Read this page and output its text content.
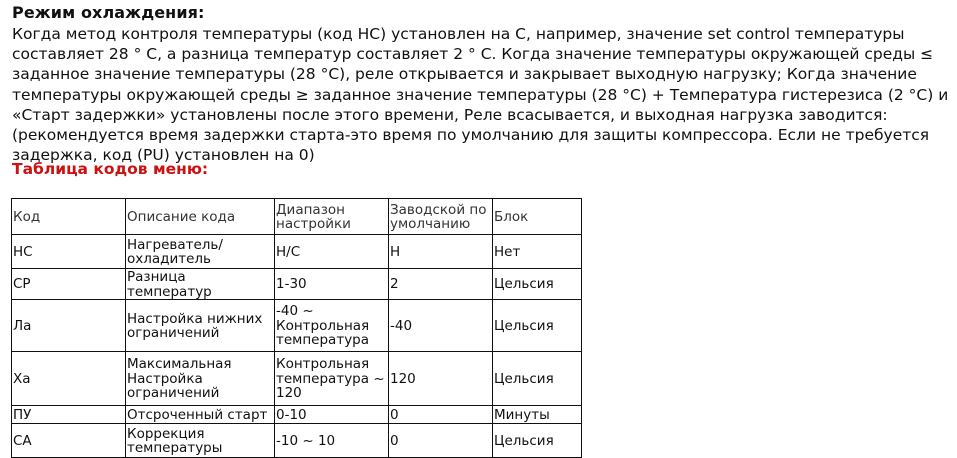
Режим охлаждения:
Когда метод контроля температуры (код НС) установлен на С, например, значение set control температуры составляет 28 ° С, а разница температур составляет 2 ° С. Когда значение температуры окружающей среды ≤ заданное значение температуры (28 °C), реле открывается и закрывает выходную нагрузку; Когда значение температуры окружающей среды ≥ заданное значение температуры (28 °C) + Температура гистерезиса (2 °C) и «Старт задержки» установлены после этого времени, Реле всасывается, и выходная нагрузка заводится: (рекомендуется время задержки старта-это время по умолчанию для защиты компрессора. Если не требуется задержка, код (PU) установлен на 0)
Таблица кодов меню:
Код	Описание кода	Диапазон настройки	Заводской по умолчанию	Блок
НС	Нагреватель/ охладитель	Н/С	Н	Нет
СР	Разница температур	1-30	2	Цельсия
Ла	Настройка нижних ограничений	-40 ~ Контрольная температура	-40	Цельсия
Ха	Максимальная Настройка ограничений	Контрольная температура ~ 120	120	Цельсия
ПУ	Отсроченный старт	0-10	0	Минуты
СА	Коррекция температуры	-10 ~ 10	0	Цельсия
